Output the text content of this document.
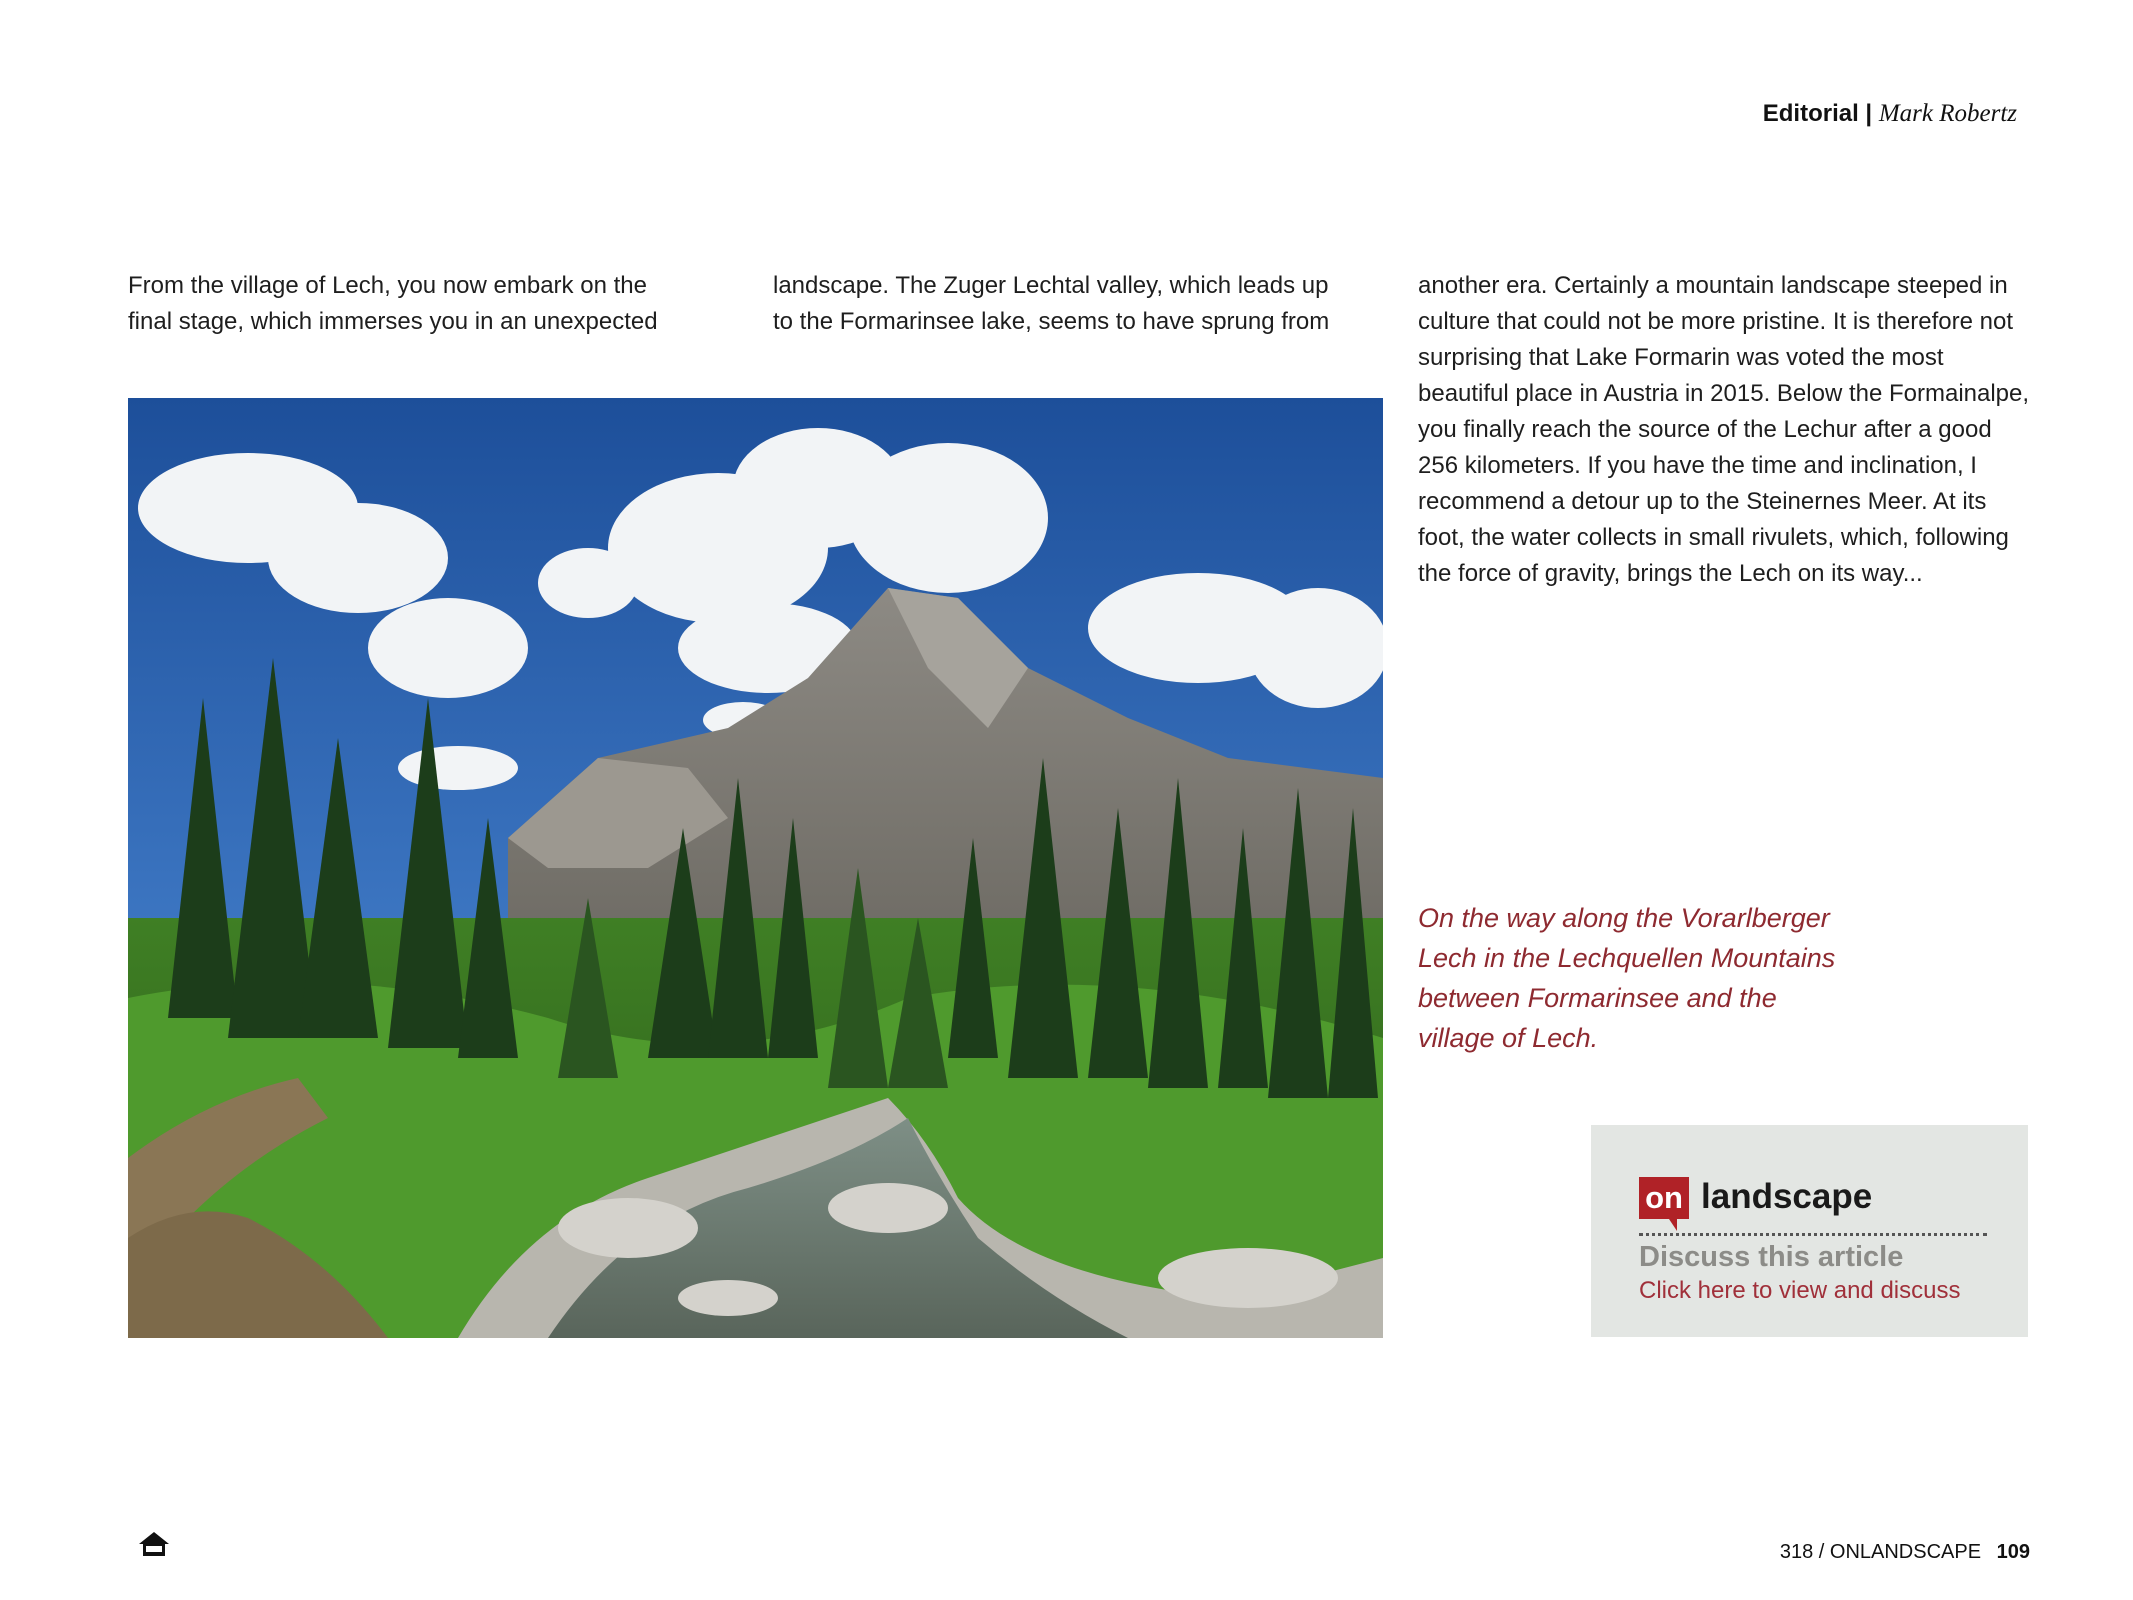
Editorial | Mark Robertz

From the village of Lech, you now embark on the final stage, which immerses you in an unexpected

landscape. The Zuger Lechtal valley, which leads up to the Formarinsee lake, seems to have sprung from

another era. Certainly a mountain landscape steeped in culture that could not be more pristine. It is therefore not surprising that Lake Formarin was voted the most beautiful place in Austria in 2015. Below the Formainalpe, you finally reach the source of the Lechur after a good 256 kilometers. If you have the time and inclination, I recommend a detour up to the Steinernes Meer. At its foot, the water collects in small rivulets, which, following the force of gravity, brings the Lech on its way...

On the way along the Vorarlberger Lech in the Lechquellen Mountains between Formarinsee and the village of Lech.
on landscape
Discuss this article
Click here to view and discuss
318 / ONLANDSCAPE 109
